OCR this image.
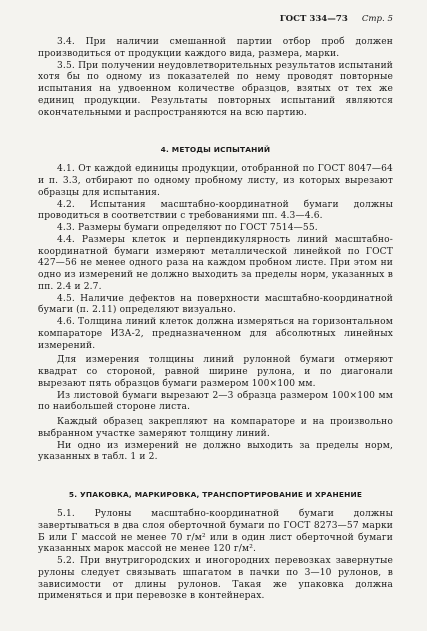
ГОСТ 334—73 Стр. 5

3.4. При наличии смешанной партии отбор проб должен производиться от продукции каждого вида, размера, марки.

3.5. При получении неудовлетворительных результатов испытаний хотя бы по одному из показателей по нему проводят повторные испытания на удвоенном количестве образцов, взятых от тех же единиц продукции. Результаты повторных испытаний являются окончательными и распространяются на всю партию.

4. МЕТОДЫ ИСПЫТАНИЙ

4.1. От каждой единицы продукции, отобранной по ГОСТ 8047—64 и п. 3.3, отбирают по одному пробному листу, из которых вырезают образцы для испытания.

4.2. Испытания масштабно-координатной бумаги должны проводиться в соответствии с требованиями пп. 4.3—4.6.

4.3. Размеры бумаги определяют по ГОСТ 7514—55.

4.4. Размеры клеток и перпендикулярность линий масштабно-координатной бумаги измеряют металлической линейкой по ГОСТ 427—56 не менее одного раза на каждом пробном листе. При этом ни одно из измерений не должно выходить за пределы норм, указанных в пп. 2.4 и 2.7.

4.5. Наличие дефектов на поверхности масштабно-координатной бумаги (п. 2.11) определяют визуально.

4.6. Толщина линий клеток должна измеряться на горизонтальном компараторе ИЗА-2, предназначенном для абсолютных линейных измерений.

Для измерения толщины линий рулонной бумаги отмеряют квадрат со стороной, равной ширине рулона, и по диагонали вырезают пять образцов бумаги размером 100×100 мм.

Из листовой бумаги вырезают 2—3 образца размером 100×100 мм по наибольшей стороне листа.

Каждый образец закрепляют на компараторе и на произвольно выбранном участке замеряют толщину линий.

Ни одно из измерений не должно выходить за пределы норм, указанных в табл. 1 и 2.

5. УПАКОВКА, МАРКИРОВКА, ТРАНСПОРТИРОВАНИЕ И ХРАНЕНИЕ

5.1. Рулоны масштабно-координатной бумаги должны завертываться в два слоя оберточной бумаги по ГОСТ 8273—57 марки Б или Г массой не менее 70 г/м² или в один лист оберточной бумаги указанных марок массой не менее 120 г/м².

5.2. При внутригородских и иногородних перевозках завернутые рулоны следует связывать шпагатом в пачки по 3—10 рулонов, в зависимости от длины рулонов. Такая же упаковка должна применяться и при перевозке в контейнерах.
